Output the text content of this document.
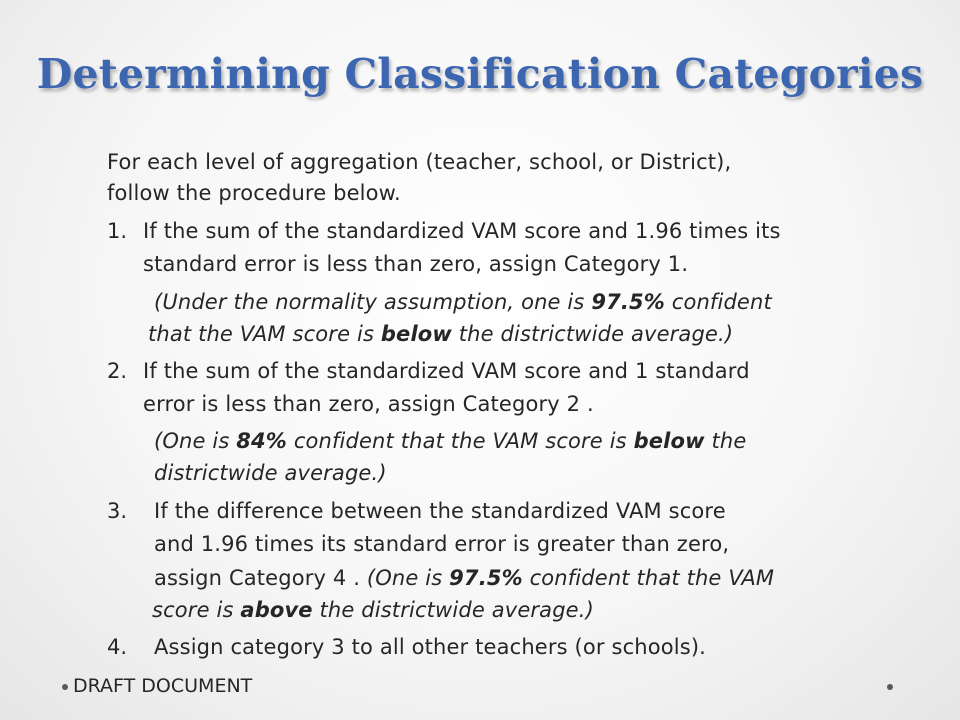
Determining Classification Categories
For each level of aggregation (teacher, school, or District),
follow the procedure below.
1. If the sum of the standardized VAM score and 1.96 times its
standard error is less than zero, assign Category 1.
(Under the normality assumption, one is 97.5% confident
that the VAM score is below the districtwide average.)
2. If the sum of the standardized VAM score and 1 standard
error is less than zero, assign Category 2 .
(One is 84% confident that the VAM score is below the
districtwide average.)
3. If the difference between the standardized VAM score
and 1.96 times its standard error is greater than zero,
assign Category 4 . (One is 97.5% confident that the VAM
score is above the districtwide average.)
4. Assign category 3 to all other teachers (or schools).
DRAFT DOCUMENT
